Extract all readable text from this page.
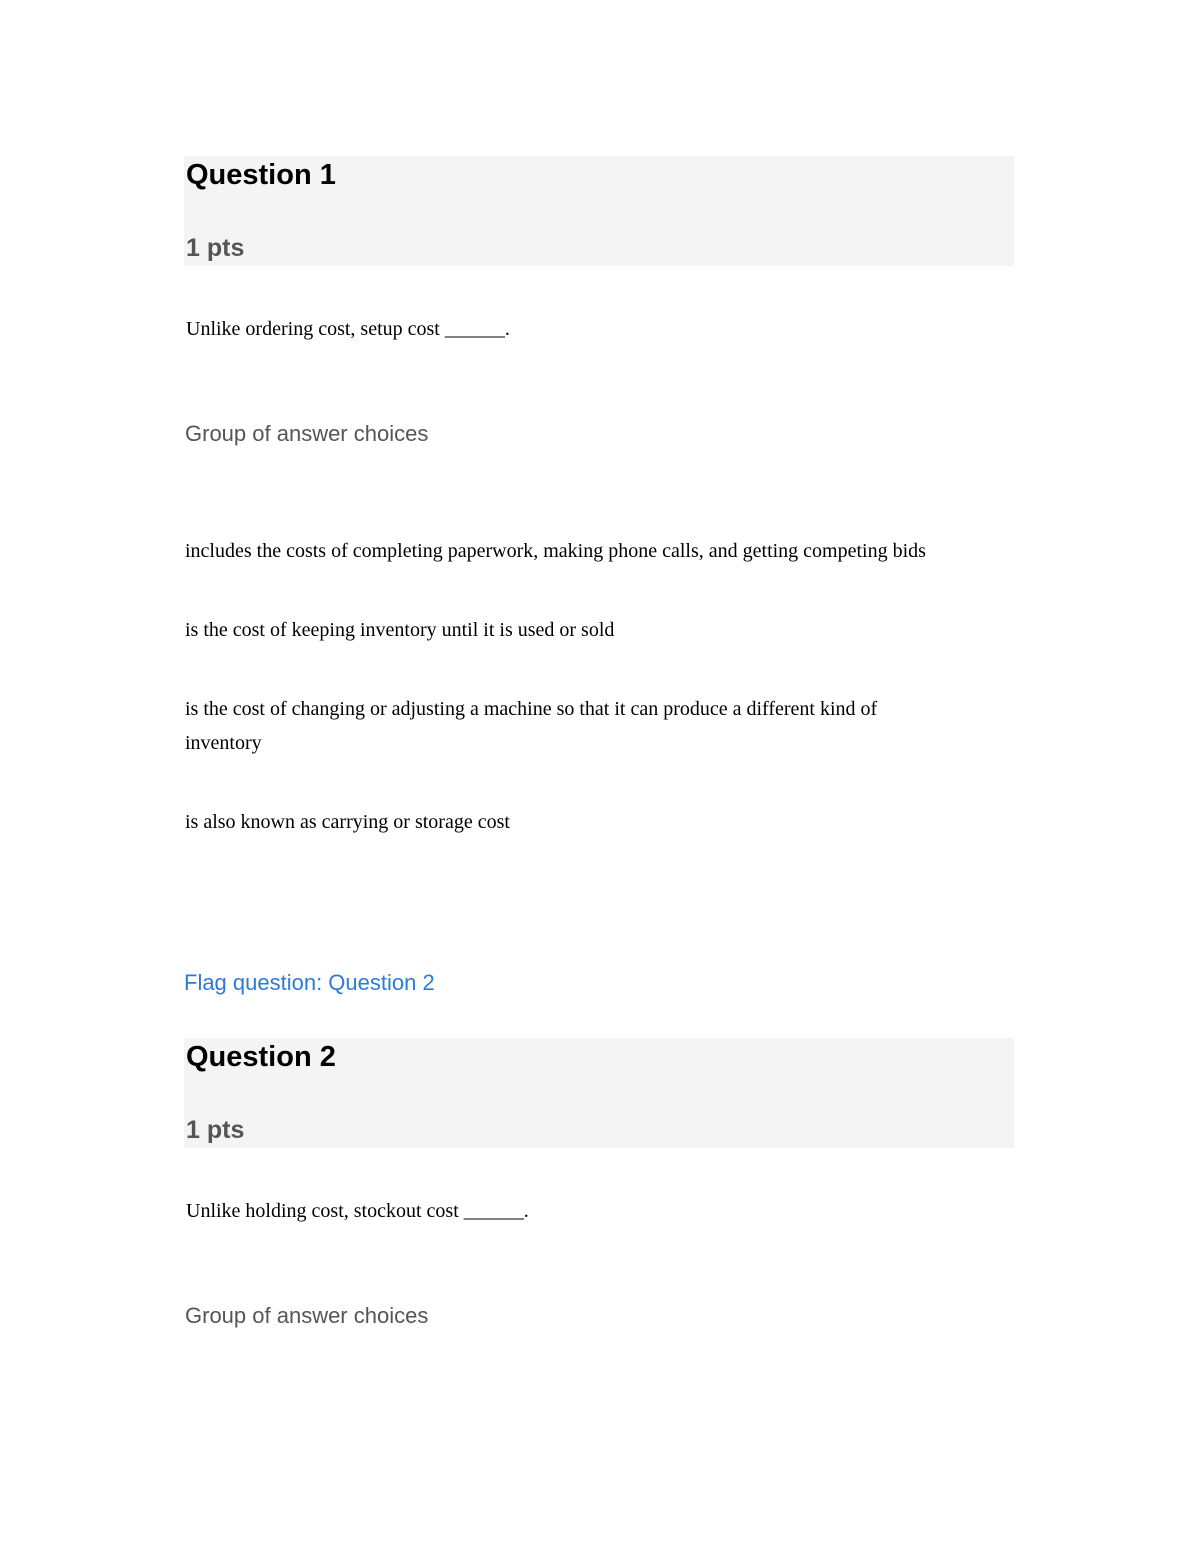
Question 1
1 pts

Unlike ordering cost, setup cost ______.

Group of answer choices

includes the costs of completing paperwork, making phone calls, and getting competing bids

is the cost of keeping inventory until it is used or sold

is the cost of changing or adjusting a machine so that it can produce a different kind of inventory

is also known as carrying or storage cost

Flag question: Question 2
Question 2
1 pts

Unlike holding cost, stockout cost ______.

Group of answer choices
